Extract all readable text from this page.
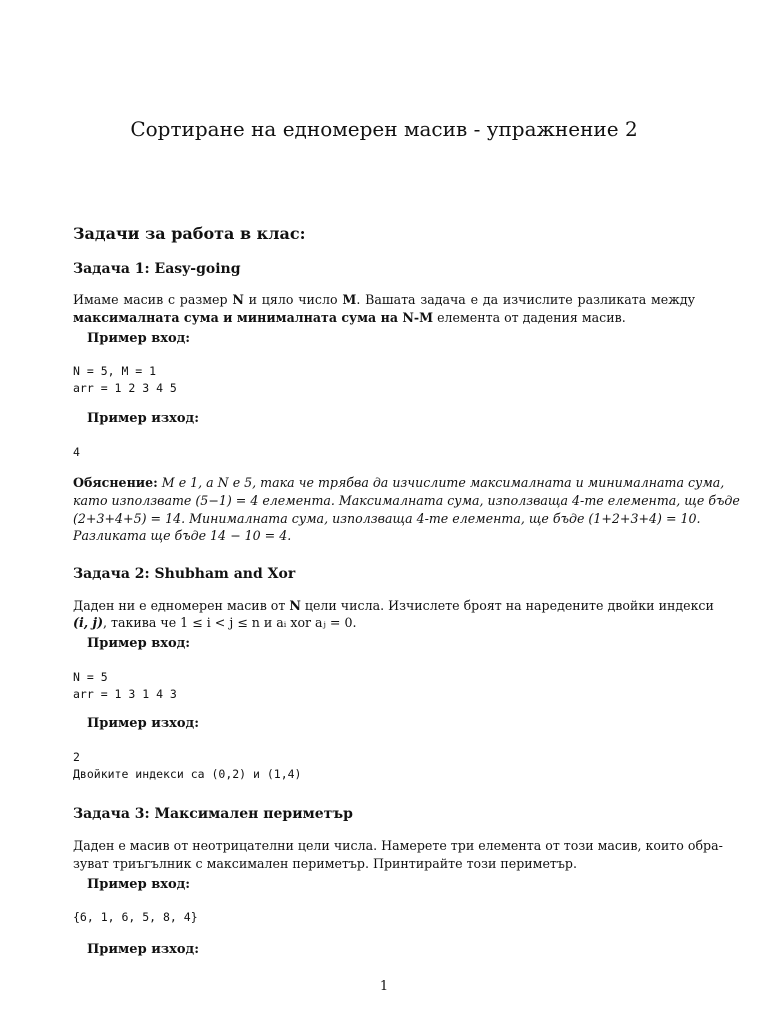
Сортиране на едномерен масив - упражнение 2
Задачи за работа в клас:
Задача 1: Easy-going
Имаме масив с размер N и цяло число M. Вашата задача е да изчислите разликата между
максималната сума и минималната сума на N-M елемента от дадения масив.
Пример вход:
N = 5, M = 1
arr = 1 2 3 4 5
Пример изход:
4
Обяснение: M е 1, а N е 5, така че трябва да изчислите максималната и минималната сума,
като използвате (5−1) = 4 елемента. Максималната сума, използваща 4-те елемента, ще бъде
(2+3+4+5) = 14. Минималната сума, използваща 4-те елемента, ще бъде (1+2+3+4) = 10.
Разликата ще бъде 14 − 10 = 4.
Задача 2: Shubham and Xor
Даден ни е едномерен масив от N цели числа. Изчислете броят на наредените двойки индекси
(i, j), такива че 1 ≤ i < j ≤ n и aᵢ xor aⱼ = 0.
Пример вход:
N = 5
arr = 1 3 1 4 3
Пример изход:
2
Двойките индекси са (0,2) и (1,4)
Задача 3: Максимален периметър
Даден е масив от неотрицателни цели числа. Намерете три елемента от този масив, които обра-
зуват триъгълник с максимален периметър. Принтирайте този периметър.
Пример вход:
{6, 1, 6, 5, 8, 4}
Пример изход:
1
